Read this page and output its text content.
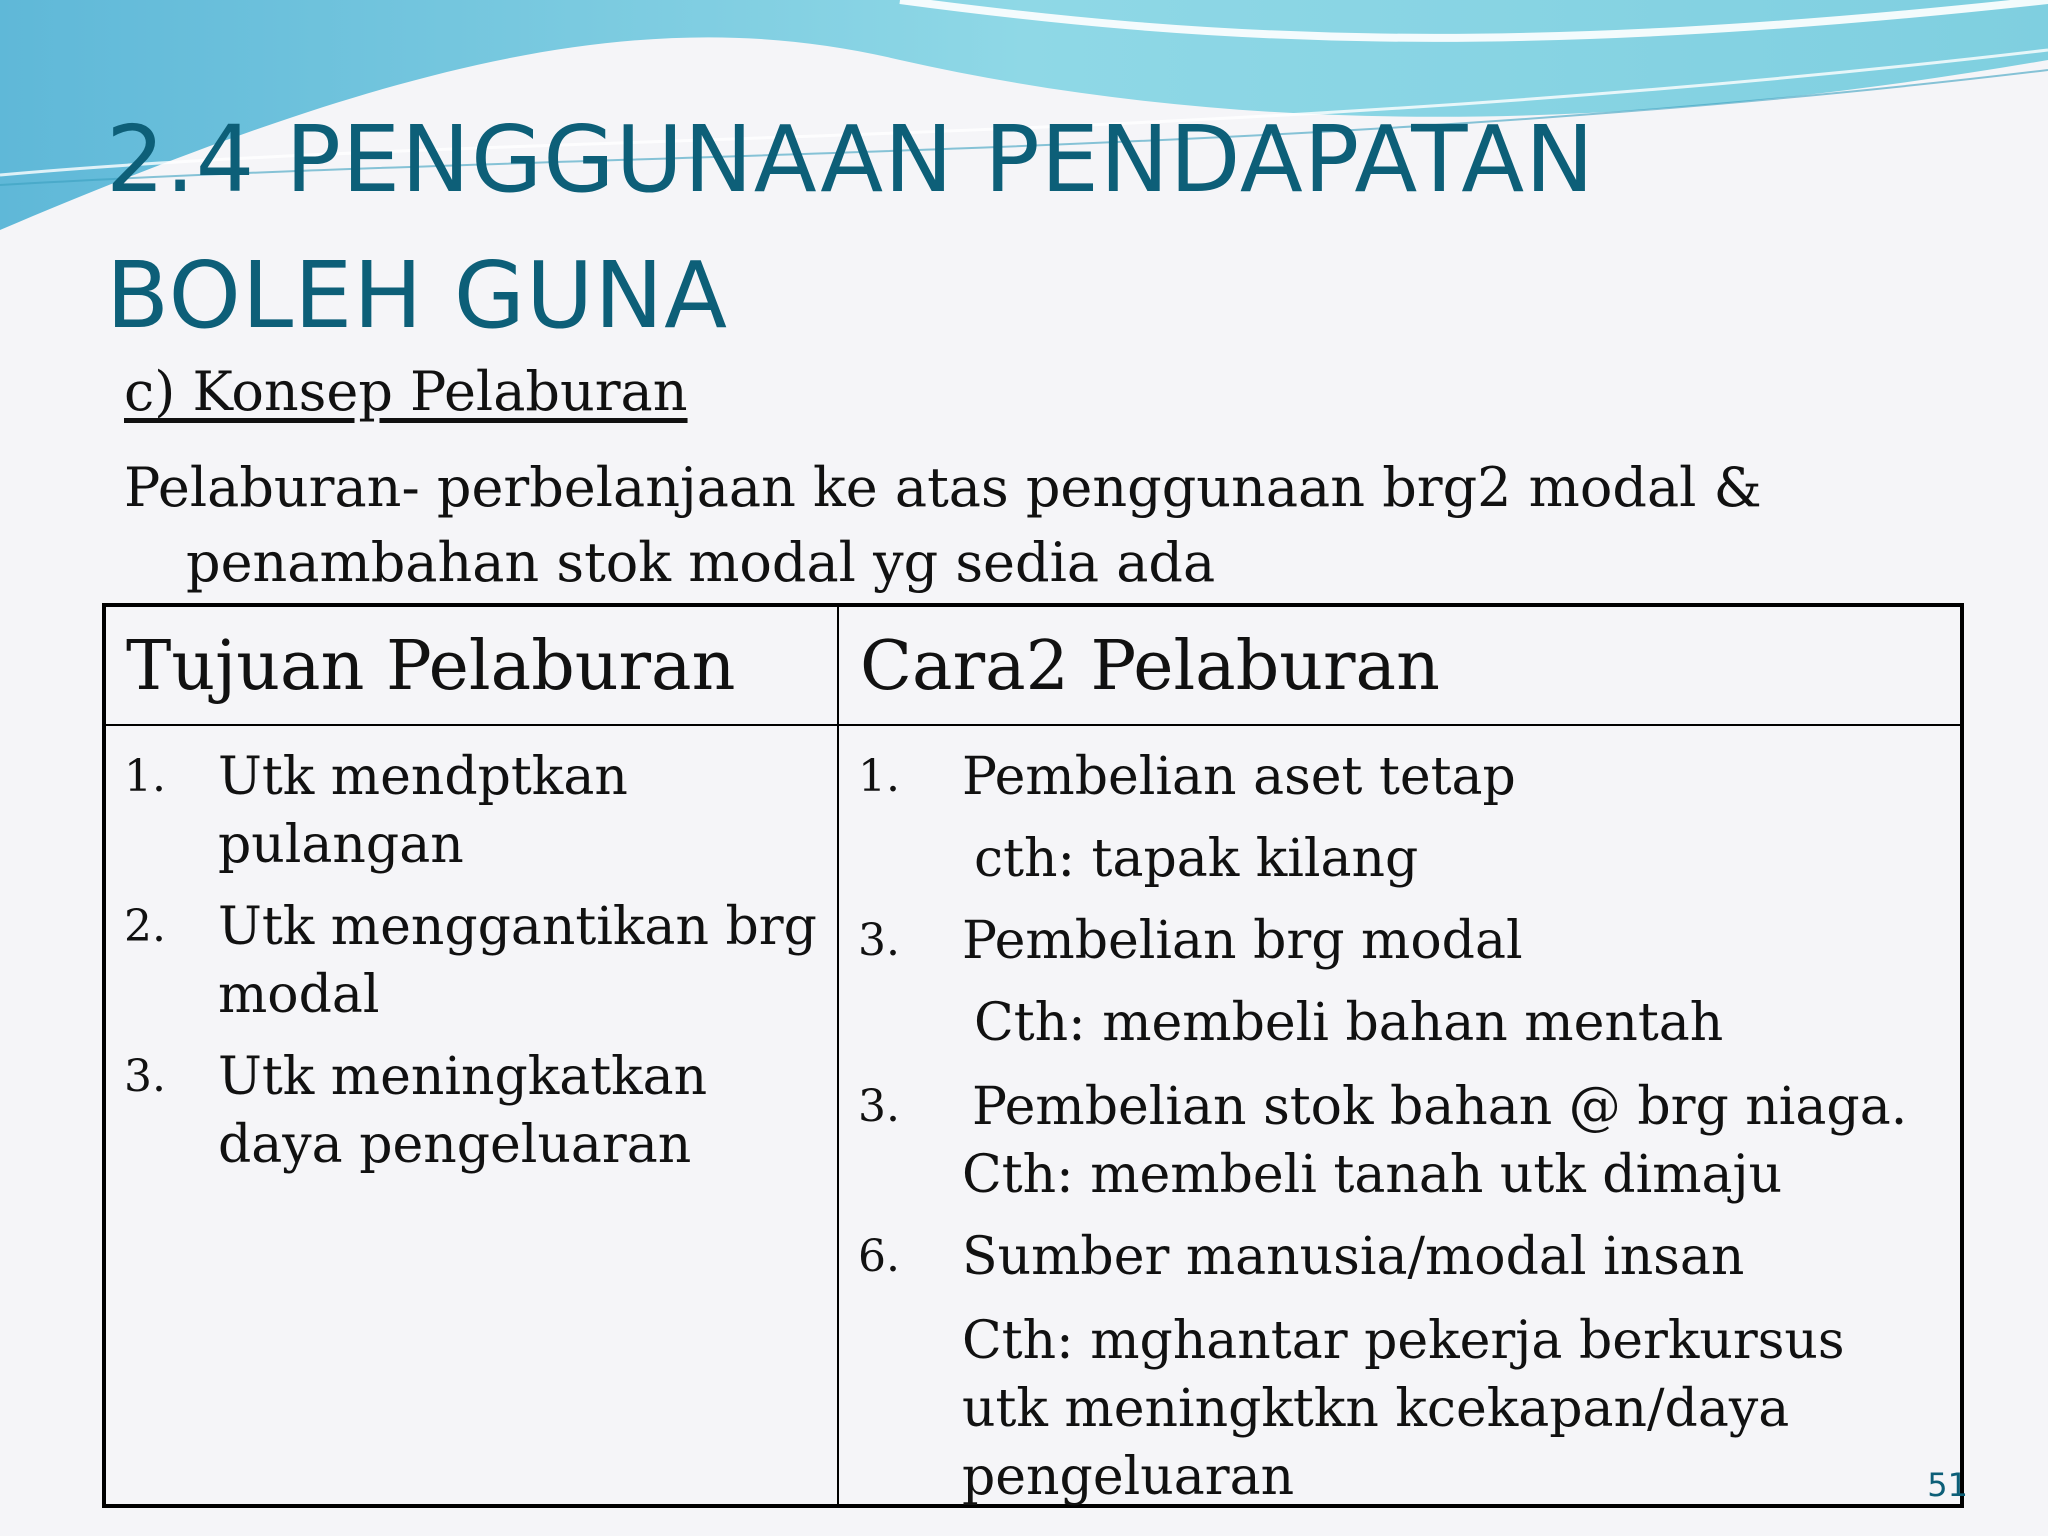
2.4 PENGGUNAAN PENDAPATAN
BOLEH GUNA
c) Konsep Pelaburan
Pelaburan- perbelanjaan ke atas penggunaan brg2 modal & penambahan stok modal yg sedia ada
Tujuan Pelaburan Cara2 Pelaburan
1. Utk mendptkan pulangan
2. Utk menggantikan brg modal
3. Utk meningkatkan daya pengeluaran
1. Pembelian aset tetap
cth: tapak kilang
3. Pembelian brg modal
Cth: membeli bahan mentah
3. Pembelian stok bahan @ brg niaga.
Cth: membeli tanah utk dimaju
6. Sumber manusia/modal insan
Cth: mghantar pekerja berkursus utk meningktkn kcekapan/daya pengeluaran	51
